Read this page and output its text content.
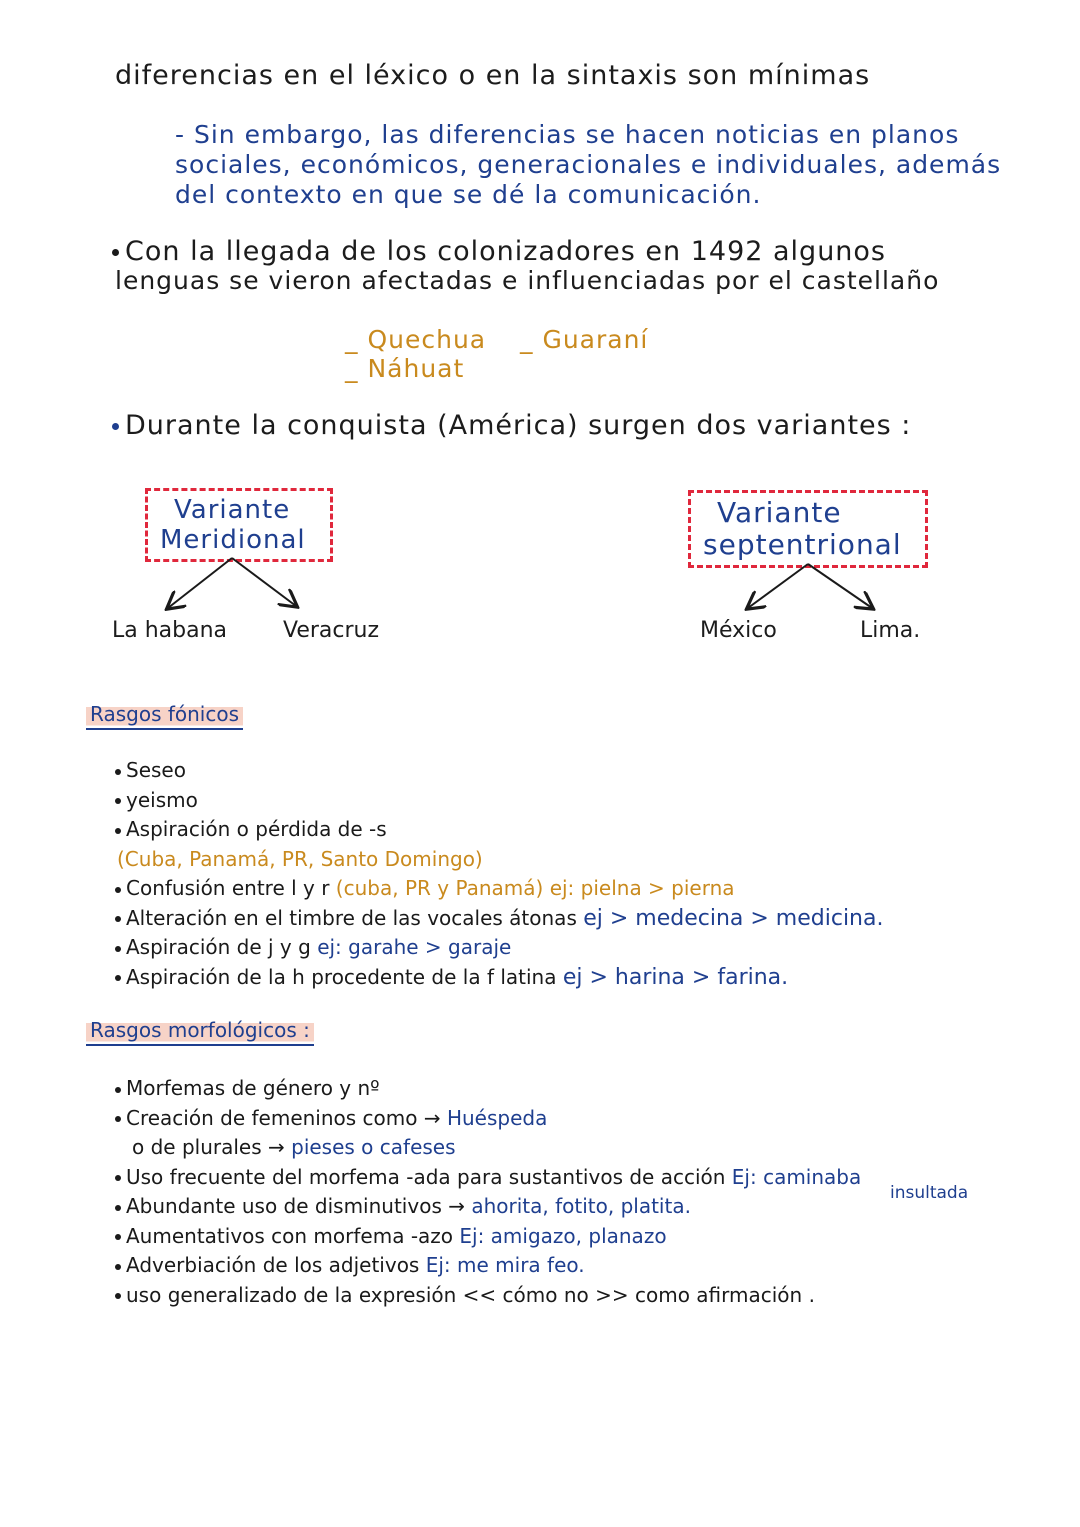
diferencias en el léxico o en la sintaxis son mínimas
- Sin embargo, las diferencias se hacen noticias en planos
sociales, económicos, generacionales e individuales, además
del contexto en que se dé la comunicación.
Con la llegada de los colonizadores en 1492 algunos
lenguas se vieron afectadas e influenciadas por el castellaño
_ Quechua _ Guaraní
_ Náhuat
Durante la conquista (América) surgen dos variantes :
Variante
Meridional
Variante
septentrional
La habana	Veracruz	México	Lima.
Rasgos fónicos
Seseo
yeismo
Aspiración o pérdida de -s
(Cuba, Panamá, PR, Santo Domingo)
Confusión entre l y r (cuba, PR y Panamá) ej: pielna > pierna
Alteración en el timbre de las vocales átonas ej > medecina > medicina.
Aspiración de j y g ej: garahe > garaje
Aspiración de la h procedente de la f latina ej > harina > farina.
Rasgos morfológicos :
Morfemas de género y nº
Creación de femeninos como → Huéspeda
o de plurales → pieses o cafeses
Uso frecuente del morfema -ada para sustantivos de acción Ej: caminaba
insultada
Abundante uso de disminutivos → ahorita, fotito, platita.
Aumentativos con morfema -azo Ej: amigazo, planazo
Adverbiación de los adjetivos Ej: me mira feo.
uso generalizado de la expresión << cómo no >> como afirmación .
